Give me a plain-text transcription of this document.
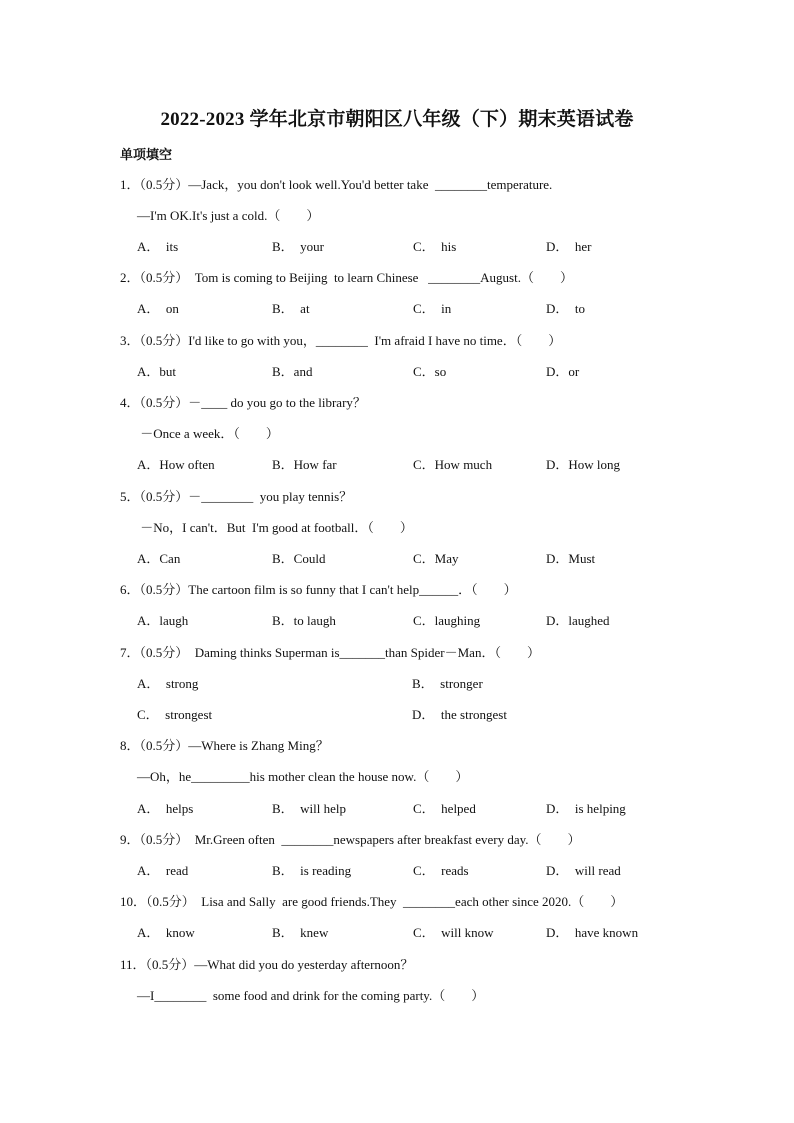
2022-2023 学年北京市朝阳区八年级（下）期末英语试卷
单项填空
1．（0.5分）—Jack，you don't look well.You'd better take  ________temperature.
—I'm OK.It's just a cold.（　　）
A．  its	B．  your	C．  his	D．  her
2．（0.5分）  Tom is coming to Beijing  to learn Chinese   ________August.（　　）
A．  on	B．  at	C．  in	D．  to
3．（0.5分）I'd like to go with you，________  I'm afraid I have no time．（　　）
A．but	B．and	C．so	D．or
4．（0.5分）－____ do you go to the library？
－Once a week．（　　）
A．How often	B．How far	C．How much	D．How long
5．（0.5分）－________  you play tennis？
－No，I can't．But  I'm good at football．（　　）
A．Can	B．Could	C．May	D．Must
6．（0.5分）The cartoon film is so funny that I can't help______．（　　）
A．laugh	B．to laugh	C．laughing	D．laughed
7．（0.5分）  Daming thinks Superman is_______than Spider－Man．（　　）
A．  strong	B．  stronger
C．  strongest	D．  the strongest
8．（0.5分）—Where is Zhang Ming？
—Oh，he_________his mother clean the house now.（　　）
A．  helps	B．  will help	C．  helped	D．  is helping
9．（0.5分）  Mr.Green often  ________newspapers after breakfast every day.（　　）
A．  read	B．  is reading	C．  reads	D．  will read
10．（0.5分）  Lisa and Sally  are good friends.They  ________each other since 2020.（　　）
A．  know	B．  knew	C．  will know	D．  have known
11．（0.5分）—What did you do yesterday afternoon？
—I________  some food and drink for the coming party.（　　）
